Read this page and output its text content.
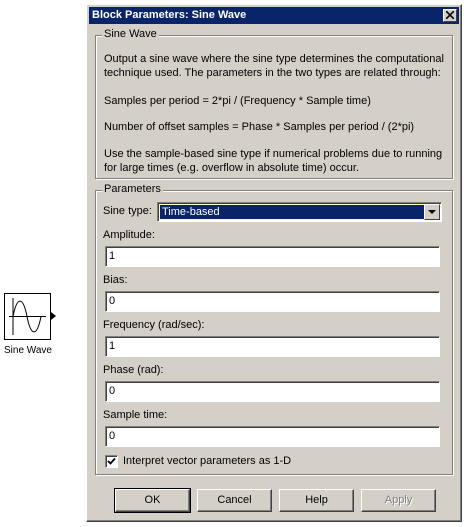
Sine Wave
Block Parameters: Sine Wave
Sine Wave
Output a sine wave where the sine type determines the computational technique used. The parameters in the two types are related through:
Samples per period = 2*pi / (Frequency * Sample time)
Number of offset samples = Phase * Samples per period / (2*pi)
Use the sample-based sine type if numerical problems due to running for large times (e.g. overflow in absolute time) occur.
Parameters
Sine type: Time-based
Amplitude:
1
Bias:
0
Frequency (rad/sec):
1
Phase (rad):
0
Sample time:
0
Interpret vector parameters as 1-D
OK	Cancel	Help	Apply
